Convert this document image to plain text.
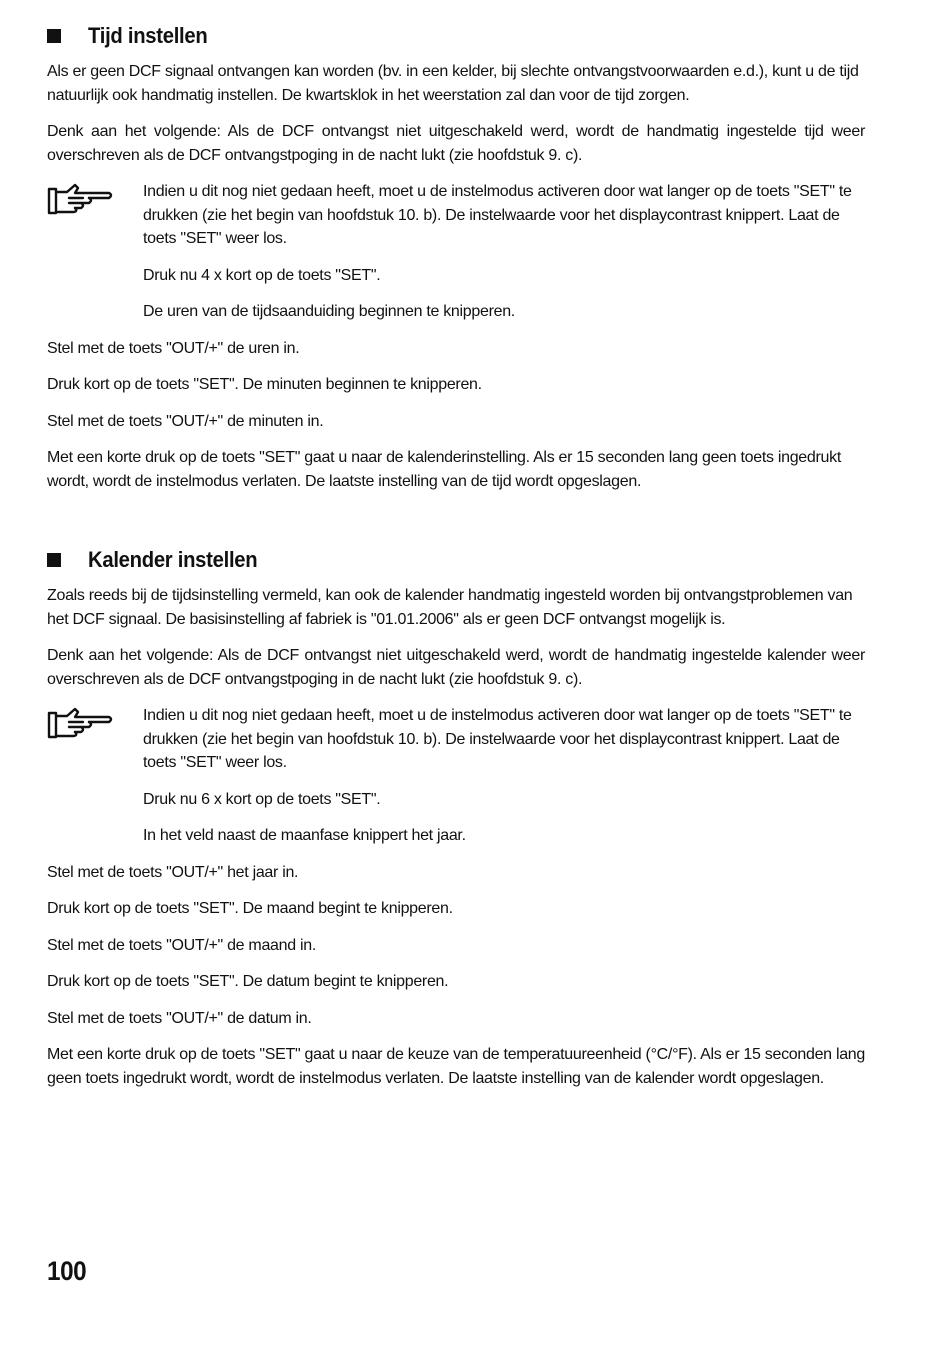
Tijd instellen

Als er geen DCF signaal ontvangen kan worden (bv. in een kelder, bij slechte ontvangstvoorwaarden e.d.), kunt u de tijd natuurlijk ook handmatig instellen. De kwartsklok in het weerstation zal dan voor de tijd zorgen.

Denk aan het volgende: Als de DCF ontvangst niet uitgeschakeld werd, wordt de handmatig ingestelde tijd weer overschreven als de DCF ontvangstpoging in de nacht lukt (zie hoofdstuk 9. c).

Indien u dit nog niet gedaan heeft, moet u de instelmodus activeren door wat langer op de toets "SET" te drukken (zie het begin van hoofdstuk 10. b). De instelwaarde voor het displaycontrast knippert. Laat de toets "SET" weer los.

Druk nu 4 x kort op de toets "SET".

De uren van de tijdsaanduiding beginnen te knipperen.

Stel met de toets "OUT/+" de uren in.

Druk kort op de toets "SET". De minuten beginnen te knipperen.

Stel met de toets "OUT/+" de minuten in.

Met een korte druk op de toets "SET" gaat u naar de kalenderinstelling. Als er 15 seconden lang geen toets ingedrukt wordt, wordt de instelmodus verlaten. De laatste instelling van de tijd wordt opgeslagen.

Kalender instellen

Zoals reeds bij de tijdsinstelling vermeld, kan ook de kalender handmatig ingesteld worden bij ontvangstproblemen van het DCF signaal. De basisinstelling af fabriek is "01.01.2006" als er geen DCF ontvangst mogelijk is.

Denk aan het volgende: Als de DCF ontvangst niet uitgeschakeld werd, wordt de handmatig ingestelde kalender weer overschreven als de DCF ontvangstpoging in de nacht lukt (zie hoofdstuk 9. c).

Indien u dit nog niet gedaan heeft, moet u de instelmodus activeren door wat langer op de toets "SET" te drukken (zie het begin van hoofdstuk 10. b). De instelwaarde voor het displaycontrast knippert. Laat de toets "SET" weer los.

Druk nu 6 x kort op de toets "SET".

In het veld naast de maanfase knippert het jaar.

Stel met de toets "OUT/+" het jaar in.

Druk kort op de toets "SET". De maand begint te knipperen.

Stel met de toets "OUT/+" de maand in.

Druk kort op de toets "SET". De datum begint te knipperen.

Stel met de toets "OUT/+" de datum in.

Met een korte druk op de toets "SET" gaat u naar de keuze van de temperatuureenheid (°C/°F). Als er 15 seconden lang geen toets ingedrukt wordt, wordt de instelmodus verlaten. De laatste instelling van de kalender wordt opgeslagen.

100
